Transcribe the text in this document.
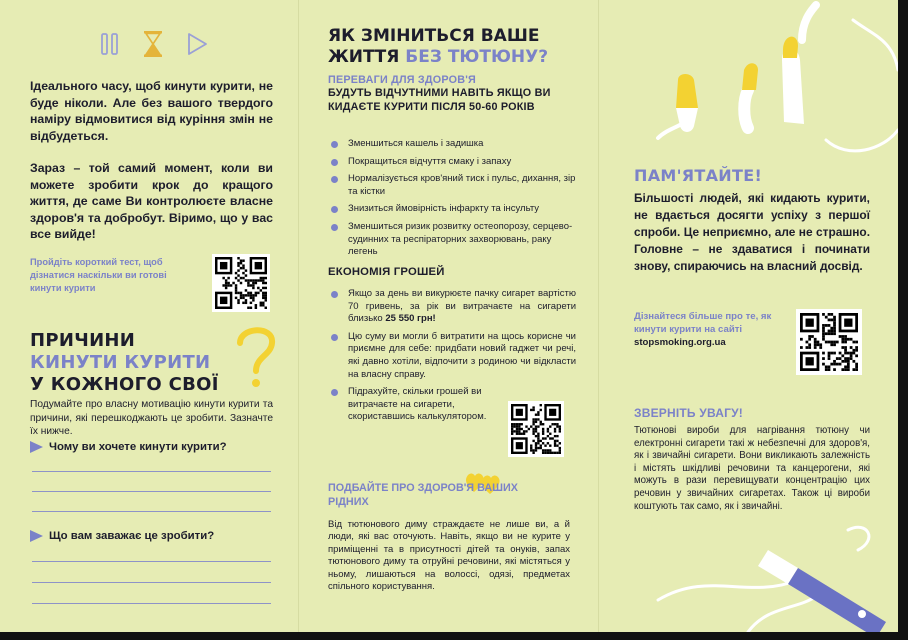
Ідеального часу, щоб кинути курити, не буде ніколи. Але без вашого твердого наміру відмовитися від куріння змін не відбудеться.
Зараз – той самий момент, коли ви можете зробити крок до кращого життя, де саме Ви контролюєте власне здоров'я та добробут. Віримо, що у вас все вийде!
Пройдіть короткий тест, щоб дізнатися наскільки ви готові кинути курити
ПРИЧИНИ
КИНУТИ КУРИТИ
У КОЖНОГО СВОЇ
Подумайте про власну мотивацію кинути курити та причини, які перешкоджають це зробити. Зазначте їх нижче.
Чому ви хочете кинути курити?
Що вам заважає це зробити?
ЯК ЗМІНИТЬСЯ ВАШЕ
ЖИТТЯ БЕЗ ТЮТЮНУ?
ПЕРЕВАГИ ДЛЯ ЗДОРОВ'Я
БУДУТЬ ВІДЧУТНИМИ НАВІТЬ ЯКЩО ВИ КИДАЄТЕ КУРИТИ ПІСЛЯ 50-60 РОКІВ
Зменшиться кашель і задишка
Покращиться відчуття смаку і запаху
Нормалізується кров'яний тиск і пульс, дихання, зір та кістки
Знизиться ймовірність інфаркту та інсульту
Зменшиться ризик розвитку остеопорозу, серцево-судинних та респіраторних захворювань, раку легень
ЕКОНОМІЯ ГРОШЕЙ
Якщо за день ви викурюєте пачку сигарет вартістю 70 гривень, за рік ви витрачаєте на сигарети близько 25 550 грн!
Цю суму ви могли б витратити на щось корисне чи приємне для себе: придбати новий гаджет чи речі, які давно хотіли, відпочити з родиною чи відкласти на власну справу.
Підрахуйте, скільки грошей ви витрачаєте на сигарети, скориставшись калькулятором.
ПОДБАЙТЕ ПРО ЗДОРОВ'Я ВАШИХ РІДНИХ
Від тютюнового диму страждаєте не лише ви, а й люди, які вас оточують. Навіть, якщо ви не курите у приміщенні та в присутності дітей та онуків, запах тютюнового диму та отруйні речовини, які містяться у ньому, лишаються на волоссі, одязі, предметах спільного користування.
ПАМ'ЯТАЙТЕ!
Більшості людей, які кидають курити, не вдається досягти успіху з першої спроби. Це неприємно, але не страшно. Головне – не здаватися і починати знову, спираючись на власний досвід.
Дізнайтеся більше про те, як кинути курити на сайті
stopsmoking.org.ua
ЗВЕРНІТЬ УВАГУ!
Тютюнові вироби для нагрівання тютюну чи електронні сигарети такі ж небезпечні для здоров'я, як і звичайні сигарети. Вони викликають залежність і містять шкідливі речовини та канцерогени, які можуть в рази перевищувати концентрацію цих речовин у звичайних сигаретах. Також ці вироби коштують так само, як і звичайні.
